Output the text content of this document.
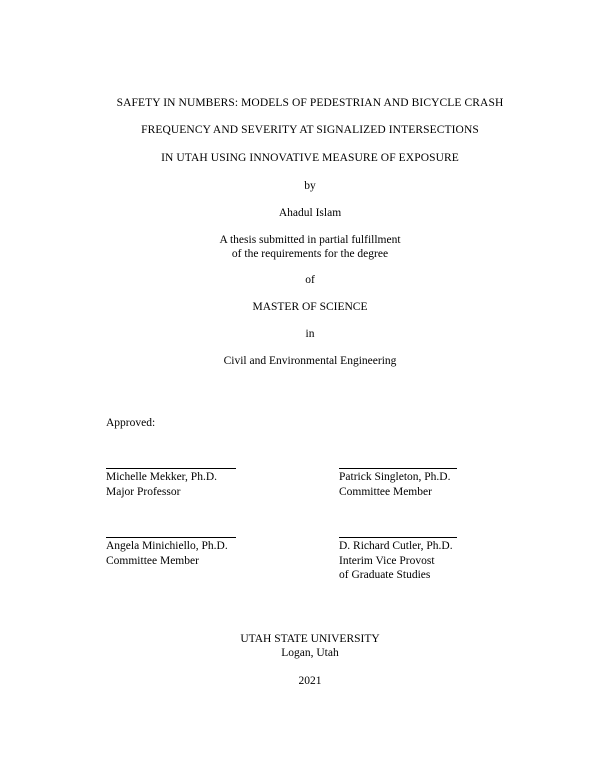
SAFETY IN NUMBERS: MODELS OF PEDESTRIAN AND BICYCLE CRASH
FREQUENCY AND SEVERITY AT SIGNALIZED INTERSECTIONS
IN UTAH USING INNOVATIVE MEASURE OF EXPOSURE
by
Ahadul Islam
A thesis submitted in partial fulfillment
of the requirements for the degree
of
MASTER OF SCIENCE
in
Civil and Environmental Engineering
Approved:
Michelle Mekker, Ph.D.
Major Professor
Patrick Singleton, Ph.D.
Committee Member
Angela Minichiello, Ph.D.
Committee Member
D. Richard Cutler, Ph.D.
Interim Vice Provost
of Graduate Studies
UTAH STATE UNIVERSITY
Logan, Utah
2021
